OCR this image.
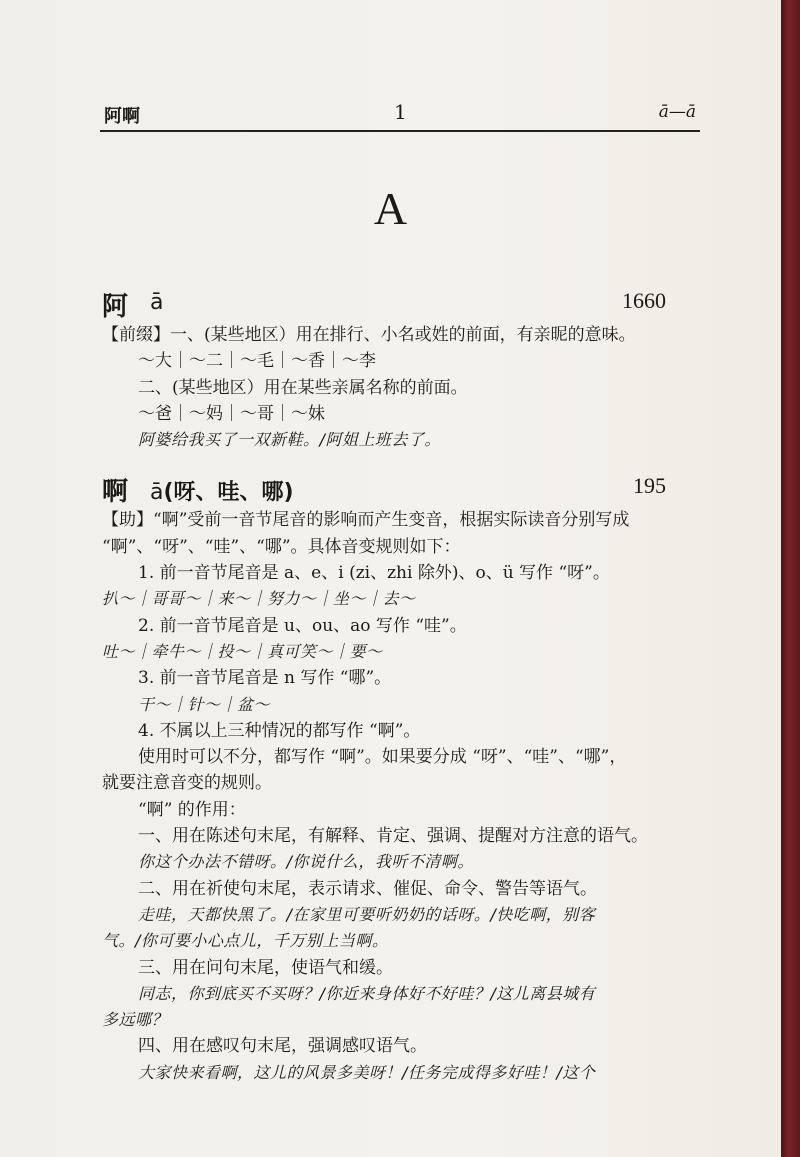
阿啊	1	ā—ā
A
阿 ā	1660
【前缀】一、(某些地区）用在排行、小名或姓的前面，有亲昵的意味。
～大｜～二｜～毛｜～香｜～李
二、(某些地区）用在某些亲属名称的前面。
～爸｜～妈｜～哥｜～妹
阿婆给我买了一双新鞋。/阿姐上班去了。
啊 ā(呀、哇、哪)	195
【助】“啊”受前一音节尾音的影响而产生变音，根据实际读音分别写成
“啊”、“呀”、“哇”、“哪”。具体音变规则如下：
1. 前一音节尾音是 a、e、i (zi、zhi 除外)、o、ü 写作 “呀”。
扒～｜哥哥～｜来～｜努力～｜坐～｜去～
2. 前一音节尾音是 u、ou、ao 写作 “哇”。
吐～｜牵牛～｜投～｜真可笑～｜要～
3. 前一音节尾音是 n 写作 “哪”。
干～｜针～｜盆～
4. 不属以上三种情况的都写作 “啊”。
使用时可以不分，都写作 “啊”。如果要分成 “呀”、“哇”、“哪”，
就要注意音变的规则。
“啊” 的作用：
一、用在陈述句末尾，有解释、肯定、强调、提醒对方注意的语气。
你这个办法不错呀。/你说什么，我听不清啊。
二、用在祈使句末尾，表示请求、催促、命令、警告等语气。
走哇，天都快黑了。/在家里可要听奶奶的话呀。/快吃啊，别客
气。/你可要小心点儿，千万别上当啊。
三、用在问句末尾，使语气和缓。
同志，你到底买不买呀？/你近来身体好不好哇？/这儿离县城有
多远哪？
四、用在感叹句末尾，强调感叹语气。
大家快来看啊，这儿的风景多美呀！/任务完成得多好哇！/这个
